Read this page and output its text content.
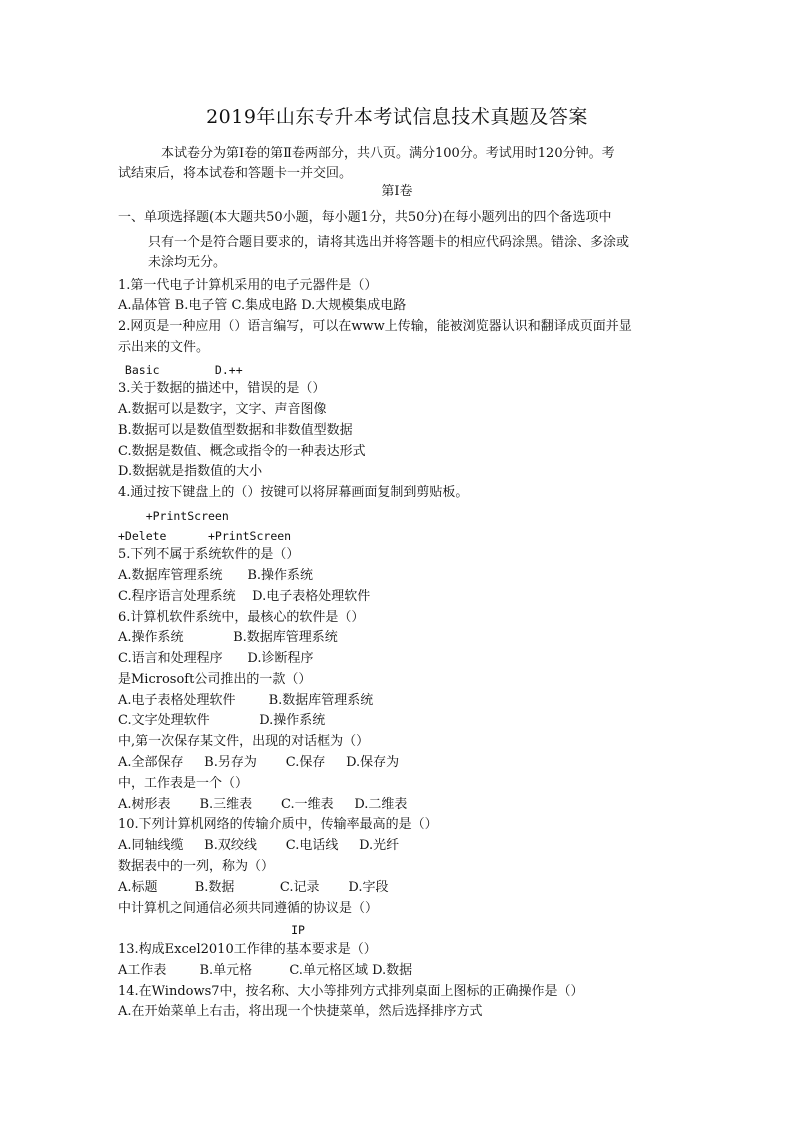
2019年山东专升本考试信息技术真题及答案
本试卷分为第Ⅰ卷的第Ⅱ卷两部分，共八页。满分100分。考试用时120分钟。考
试结束后，将本试卷和答题卡一并交回。
第Ⅰ卷
一、单项选择题(本大题共50小题，每小题1分，共50分)在每小题列出的四个备选项中
只有一个是符合题目要求的，请将其选出并将答题卡的相应代码涂黑。错涂、多涂或
未涂均无分。
1.第一代电子计算机采用的电子元器件是（）
A.晶体管 B.电子管 C.集成电路 D.大规模集成电路
2.网页是一种应用（）语言编写，可以在www上传输，能被浏览器认识和翻译成页面并显
示出来的文件。
Basic        D.++
3.关于数据的描述中，错误的是（）
A.数据可以是数字，文字、声音图像
B.数据可以是数值型数据和非数值型数据
C.数据是数值、概念或指令的一种表达形式
D.数据就是指数值的大小
4.通过按下键盘上的（）按键可以将屏幕画面复制到剪贴板。
+PrintScreen
+Delete      +PrintScreen
5.下列不属于系统软件的是（）
A.数据库管理系统      B.操作系统
C.程序语言处理系统    D.电子表格处理软件
6.计算机软件系统中，最核心的软件是（）
A.操作系统            B.数据库管理系统
C.语言和处理程序      D.诊断程序
是Microsoft公司推出的一款（）
A.电子表格处理软件        B.数据库管理系统
C.文字处理软件            D.操作系统
中,第一次保存某文件，出现的对话框为（）
A.全部保存     B.另存为       C.保存     D.保存为
中，工作表是一个（）
A.树形表       B.三维表       C.一维表     D.二维表
10.下列计算机网络的传输介质中，传输率最高的是（）
A.同轴线缆     B.双绞线       C.电话线     D.光纤
数据表中的一列，称为（）
A.标题         B.数据           C.记录       D.字段
中计算机之间通信必须共同遵循的协议是（）
IP
13.构成Excel2010工作律的基本要求是（）
A工作表        B.单元格         C.单元格区域 D.数据
14.在Windows7中，按名称、大小等排列方式排列桌面上图标的正确操作是（）
A.在开始菜单上右击，将出现一个快捷菜单，然后选择排序方式
